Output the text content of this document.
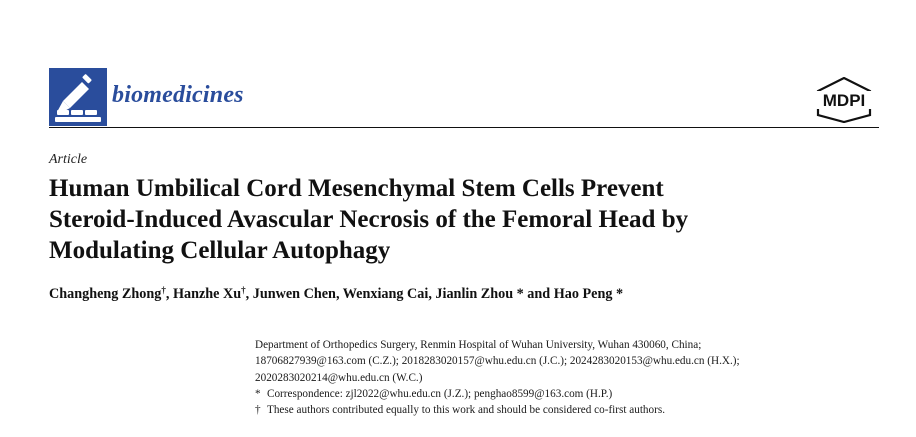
biomedicines	MDPI
Article
Human Umbilical Cord Mesenchymal Stem Cells Prevent
Steroid-Induced Avascular Necrosis of the Femoral Head by
Modulating Cellular Autophagy
Changheng Zhong†, Hanzhe Xu†, Junwen Chen, Wenxiang Cai, Jianlin Zhou * and Hao Peng *
Department of Orthopedics Surgery, Renmin Hospital of Wuhan University, Wuhan 430060, China;
18706827939@163.com (C.Z.); 2018283020157@whu.edu.cn (J.C.); 2024283020153@whu.edu.cn (H.X.);
2020283020214@whu.edu.cn (W.C.)
* Correspondence: zjl2022@whu.edu.cn (J.Z.); penghao8599@163.com (H.P.)
† These authors contributed equally to this work and should be considered co-first authors.
